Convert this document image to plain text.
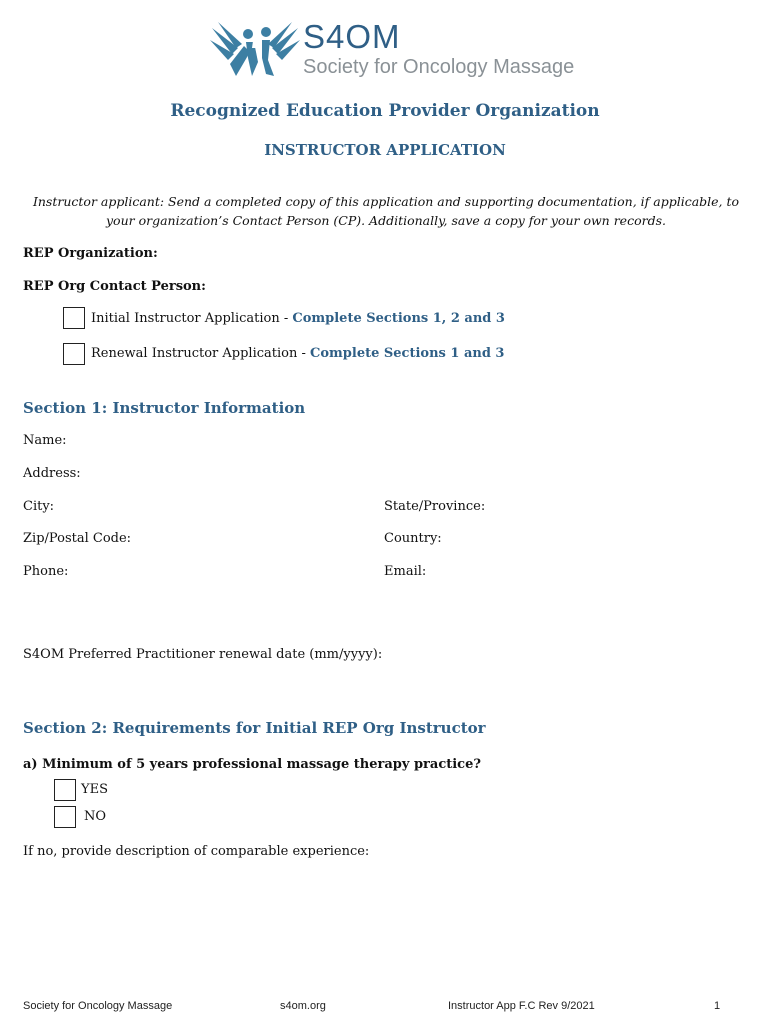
S4OM
Society for Oncology Massage
Recognized Education Provider Organization
INSTRUCTOR APPLICATION
Instructor applicant: Send a completed copy of this application and supporting documentation, if applicable, to your organization’s Contact Person (CP). Additionally, save a copy for your own records.
REP Organization:
REP Org Contact Person:
Initial Instructor Application - Complete Sections 1, 2 and 3
Renewal Instructor Application - Complete Sections 1 and 3
Section 1: Instructor Information
Name:
Address:
City:	State/Province:
Zip/Postal Code:	Country:
Phone:	Email:
S4OM Preferred Practitioner renewal date (mm/yyyy):
Section 2: Requirements for Initial REP Org Instructor
a) Minimum of 5 years professional massage therapy practice?
YES
NO
If no, provide description of comparable experience:
Society for Oncology Massage	s4om.org	Instructor App F.C Rev 9/2021	1
